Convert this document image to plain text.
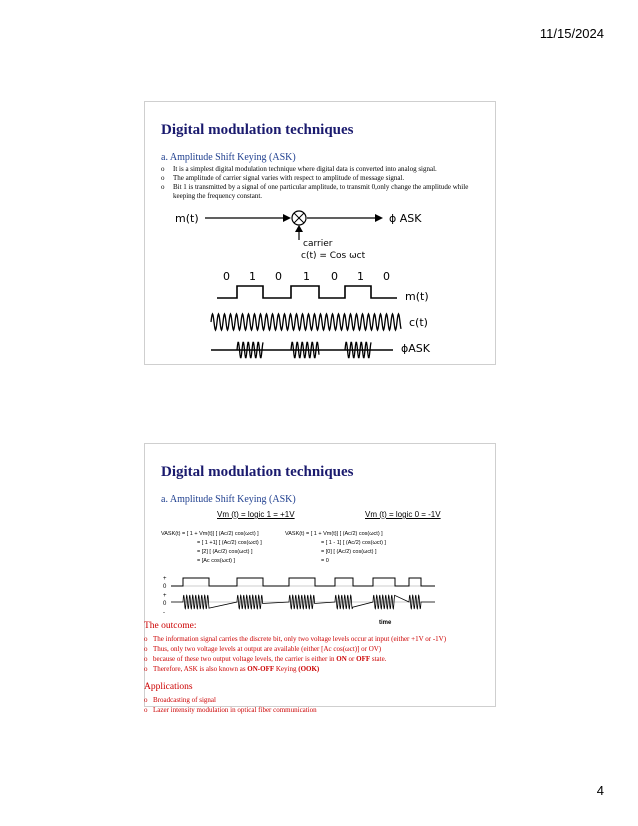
11/15/2024
Digital modulation techniques
a. Amplitude Shift Keying (ASK)
o It is a simplest digital modulation technique where digital data is converted into analog signal.
o The amplitude of carrier signal varies with respect to amplitude of message signal.
o Bit 1 is transmitted by a signal of one particular amplitude, to transmit 0,only change the amplitude while keeping the frequency constant.
m(t)	ϕ ASK
carrier
c(t) = Cos ωct
0 1 0 1 0 1 0
m(t)
c(t)
ϕASK
Digital modulation techniques
a. Amplitude Shift Keying (ASK)
Vm (t) = logic 1 = +1V	Vm (t) = logic 0 = -1V
VASK(t) = [ 1 + Vm(t)] [ (Ac/2) cos(ωct) ]
= [ 1 +1] [ (Ac/2) cos(ωct) ]
= [2] [ (Ac/2) cos(ωct) ]
= [Ac cos(ωct) ]
VASK(t) = [ 1 + Vm(t)] [ (Ac/2) cos(ωct) ]
= [ 1 - 1] [ (Ac/2) cos(ωct) ]
= [0] [ (Ac/2) cos(ωct) ]
= 0
+
0
+
0
-
time
The outcome:
o The information signal carries the discrete bit, only two voltage levels occur at input (either +1V or -1V)
o Thus, only two voltage levels at output are available (either [Ac cos(ωct)] or OV)
o because of these two output voltage levels, the carrier is either in ON or OFF state.
o Therefore, ASK is also known as ON-OFF Keying (OOK)
Applications
o Broadcasting of signal
o Lazer intensity modulation in optical fiber communication
4
